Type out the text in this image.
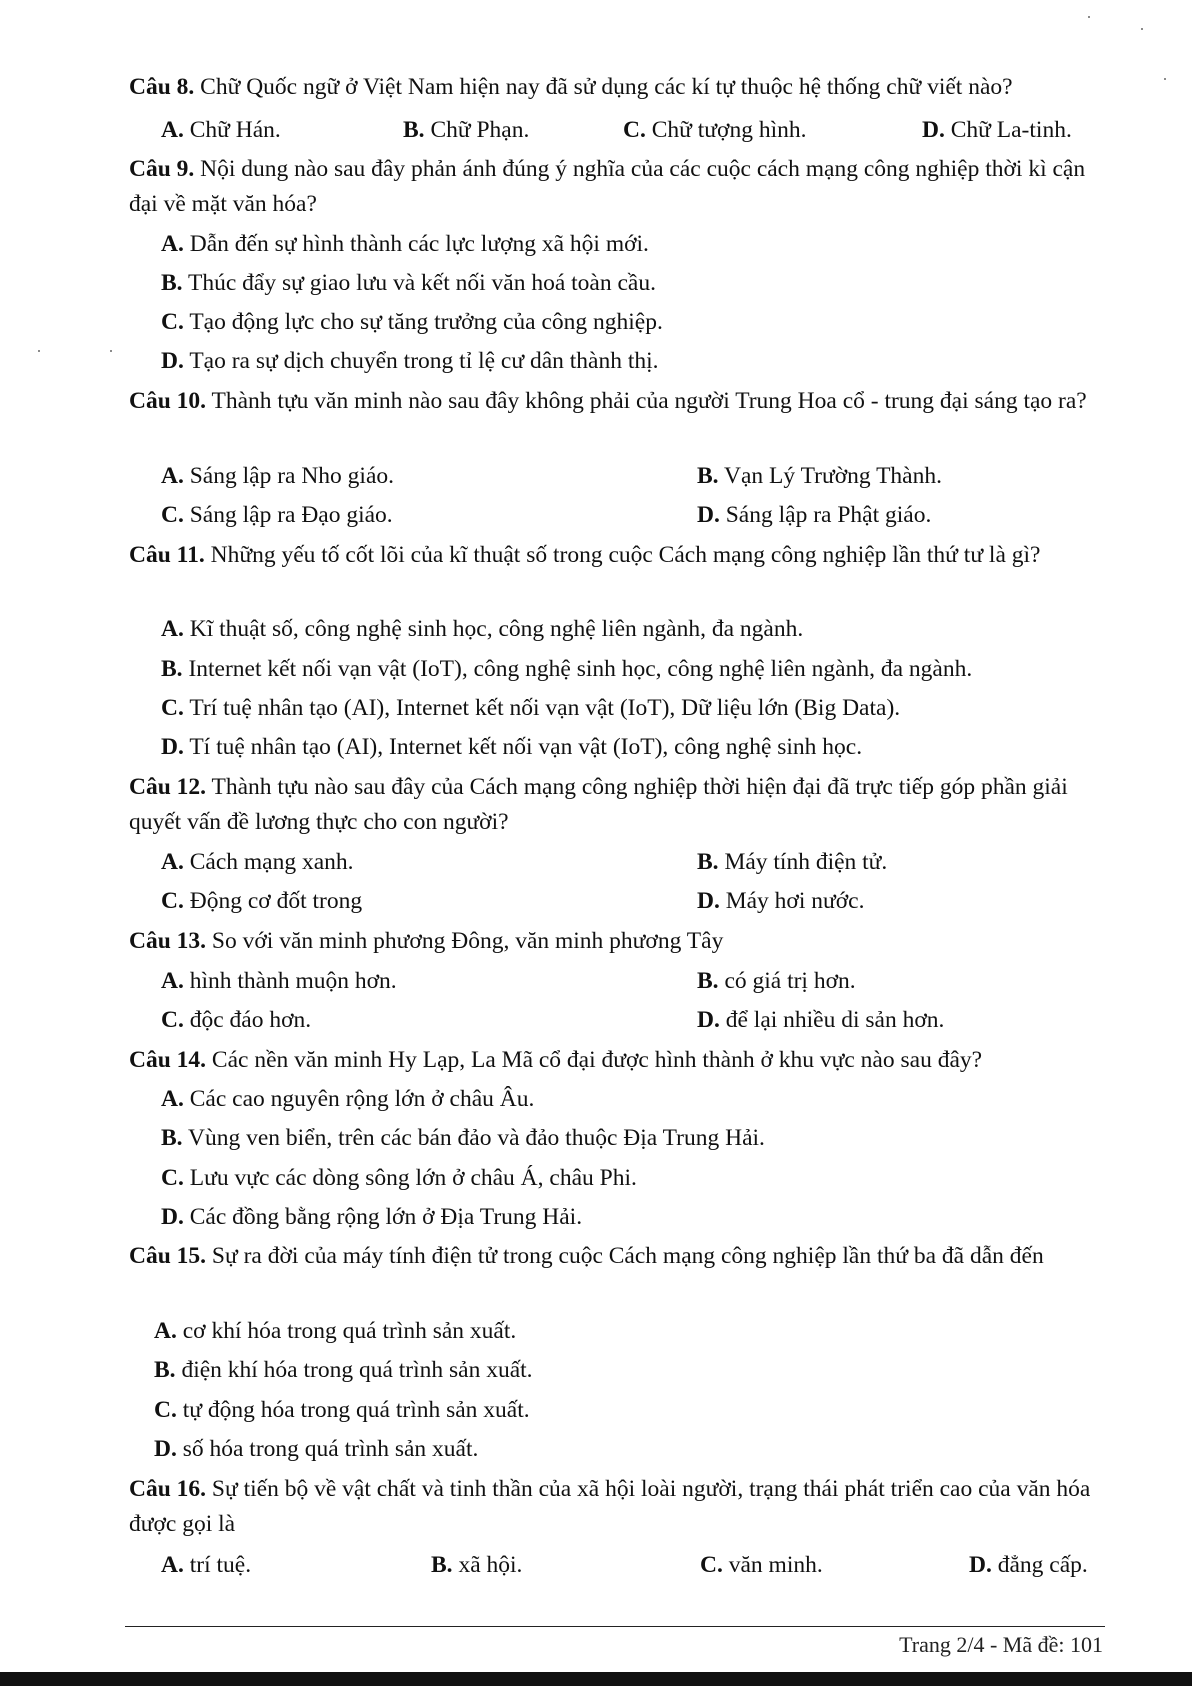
Câu 8. Chữ Quốc ngữ ở Việt Nam hiện nay đã sử dụng các kí tự thuộc hệ thống chữ viết nào?

A. Chữ Hán.	B. Chữ Phạn.	C. Chữ tượng hình.	D. Chữ La-tinh.

Câu 9. Nội dung nào sau đây phản ánh đúng ý nghĩa của các cuộc cách mạng công nghiệp thời kì cận đại về mặt văn hóa?

A. Dẫn đến sự hình thành các lực lượng xã hội mới.

B. Thúc đẩy sự giao lưu và kết nối văn hoá toàn cầu.

C. Tạo động lực cho sự tăng trưởng của công nghiệp.

D. Tạo ra sự dịch chuyển trong tỉ lệ cư dân thành thị.

Câu 10. Thành tựu văn minh nào sau đây không phải của người Trung Hoa cổ - trung đại sáng tạo ra?

A. Sáng lập ra Nho giáo.	B. Vạn Lý Trường Thành.

C. Sáng lập ra Đạo giáo.	D. Sáng lập ra Phật giáo.

Câu 11. Những yếu tố cốt lõi của kĩ thuật số trong cuộc Cách mạng công nghiệp lần thứ tư là gì?

A. Kĩ thuật số, công nghệ sinh học, công nghệ liên ngành, đa ngành.

B. Internet kết nối vạn vật (IoT), công nghệ sinh học, công nghệ liên ngành, đa ngành.

C. Trí tuệ nhân tạo (AI), Internet kết nối vạn vật (IoT), Dữ liệu lớn (Big Data).

D. Tí tuệ nhân tạo (AI), Internet kết nối vạn vật (IoT), công nghệ sinh học.

Câu 12. Thành tựu nào sau đây của Cách mạng công nghiệp thời hiện đại đã trực tiếp góp phần giải quyết vấn đề lương thực cho con người?

A. Cách mạng xanh.	B. Máy tính điện tử.

C. Động cơ đốt trong	D. Máy hơi nước.

Câu 13. So với văn minh phương Đông, văn minh phương Tây

A. hình thành muộn hơn.	B. có giá trị hơn.

C. độc đáo hơn.	D. để lại nhiều di sản hơn.

Câu 14. Các nền văn minh Hy Lạp, La Mã cổ đại được hình thành ở khu vực nào sau đây?

A. Các cao nguyên rộng lớn ở châu Âu.

B. Vùng ven biển, trên các bán đảo và đảo thuộc Địa Trung Hải.

C. Lưu vực các dòng sông lớn ở châu Á, châu Phi.

D. Các đồng bằng rộng lớn ở Địa Trung Hải.

Câu 15. Sự ra đời của máy tính điện tử trong cuộc Cách mạng công nghiệp lần thứ ba đã dẫn đến

A. cơ khí hóa trong quá trình sản xuất.

B. điện khí hóa trong quá trình sản xuất.

C. tự động hóa trong quá trình sản xuất.

D. số hóa trong quá trình sản xuất.

Câu 16. Sự tiến bộ về vật chất và tinh thần của xã hội loài người, trạng thái phát triển cao của văn hóa được gọi là

A. trí tuệ.	B. xã hội.	C. văn minh.	D. đẳng cấp.

Trang 2/4 - Mã đề: 101
